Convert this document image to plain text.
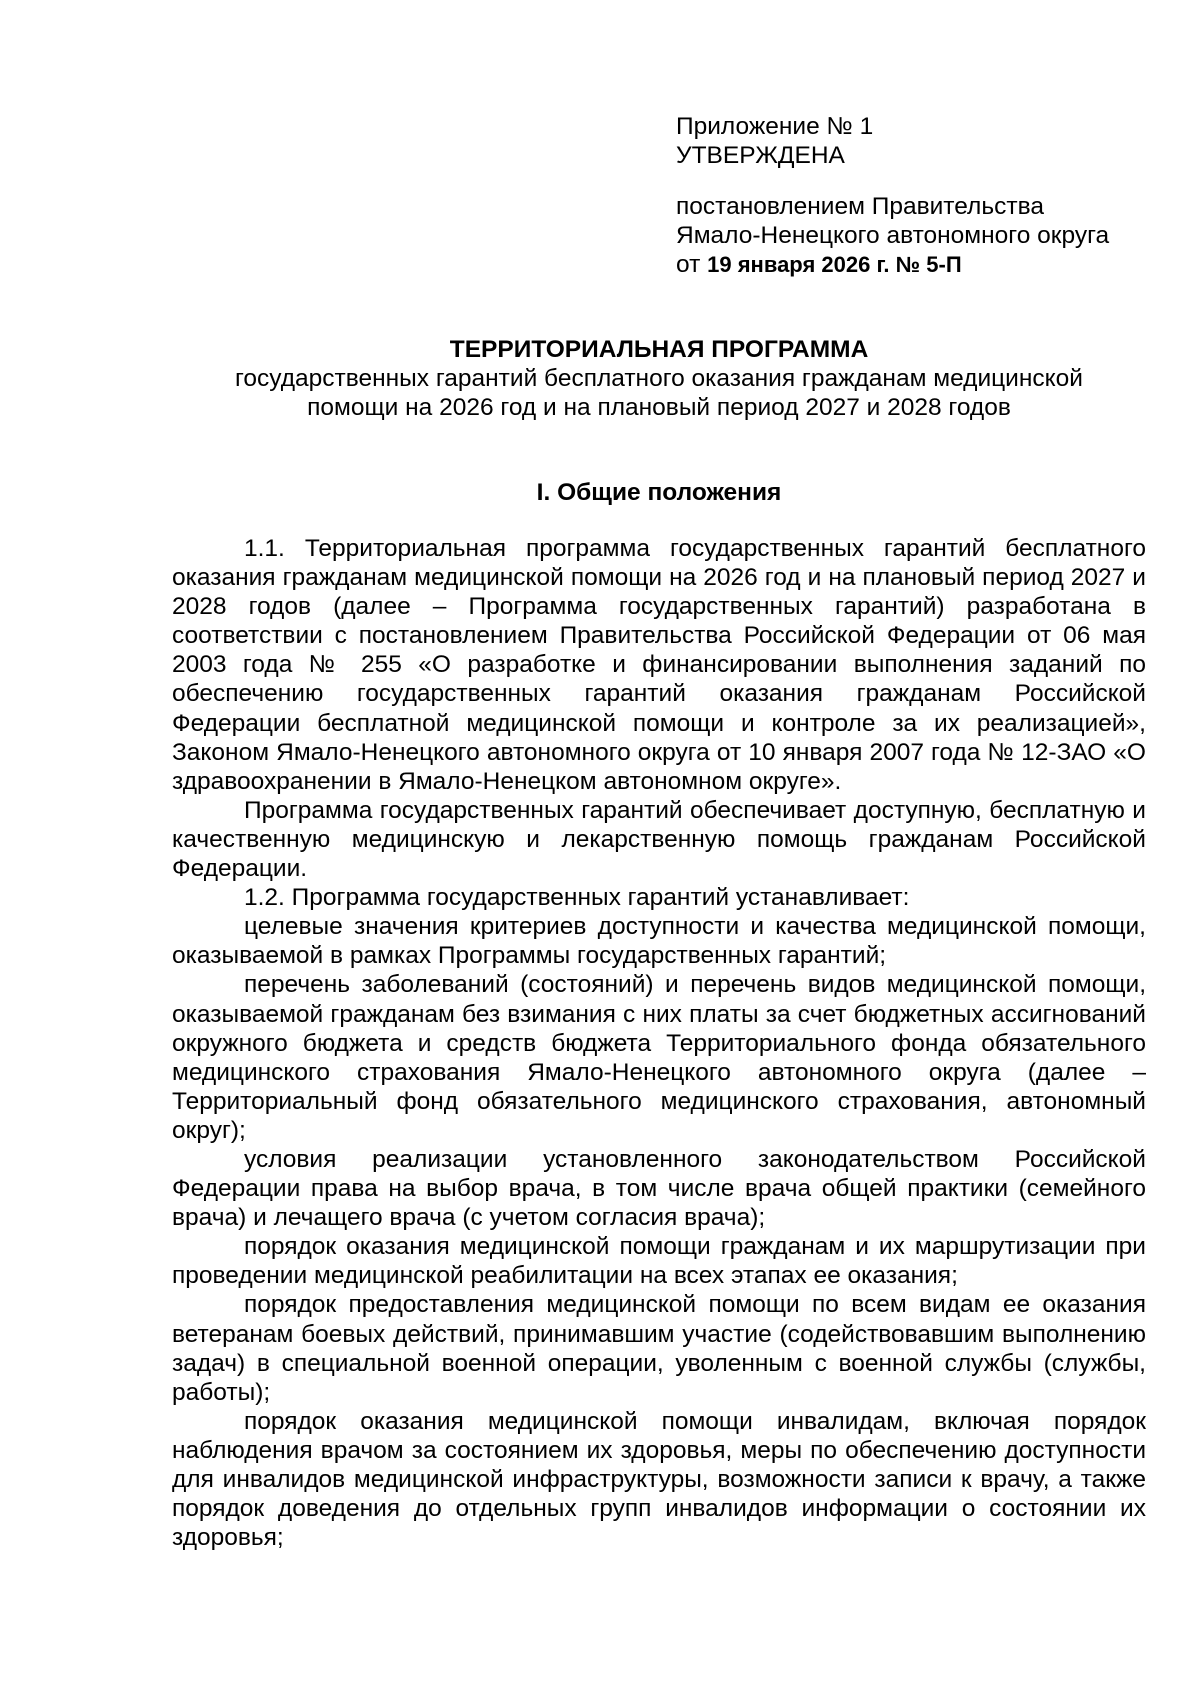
Приложение № 1
УТВЕРЖДЕНА
постановлением Правительства
Ямало-Ненецкого автономного округа
от 19 января 2026 г. № 5-П
ТЕРРИТОРИАЛЬНАЯ ПРОГРАММА
государственных гарантий бесплатного оказания гражданам медицинской
помощи на 2026 год и на плановый период 2027 и 2028 годов
I. Общие положения

1.1. Территориальная программа государственных гарантий бесплатного оказания гражданам медицинской помощи на 2026 год и на плановый период 2027 и 2028 годов (далее – Программа государственных гарантий) разработана в соответствии с постановлением Правительства Российской Федерации от 06 мая 2003 года № 255 «О разработке и финансировании выполнения заданий по обеспечению государственных гарантий оказания гражданам Российской Федерации бесплатной медицинской помощи и контроле за их реализацией», Законом Ямало-Ненецкого автономного округа от 10 января 2007 года № 12-ЗАО «О здравоохранении в Ямало-Ненецком автономном округе».

Программа государственных гарантий обеспечивает доступную, бесплатную и качественную медицинскую и лекарственную помощь гражданам Российской Федерации.

1.2. Программа государственных гарантий устанавливает:

целевые значения критериев доступности и качества медицинской помощи, оказываемой в рамках Программы государственных гарантий;

перечень заболеваний (состояний) и перечень видов медицинской помощи, оказываемой гражданам без взимания с них платы за счет бюджетных ассигнований окружного бюджета и средств бюджета Территориального фонда обязательного медицинского страхования Ямало-Ненецкого автономного округа (далее – Территориальный фонд обязательного медицинского страхования, автономный округ);

условия реализации установленного законодательством Российской Федерации права на выбор врача, в том числе врача общей практики (семейного врача) и лечащего врача (с учетом согласия врача);

порядок оказания медицинской помощи гражданам и их маршрутизации при проведении медицинской реабилитации на всех этапах ее оказания;

порядок предоставления медицинской помощи по всем видам ее оказания ветеранам боевых действий, принимавшим участие (содействовавшим выполнению задач) в специальной военной операции, уволенным с военной службы (службы, работы);

порядок оказания медицинской помощи инвалидам, включая порядок наблюдения врачом за состоянием их здоровья, меры по обеспечению доступности для инвалидов медицинской инфраструктуры, возможности записи к врачу, а также порядок доведения до отдельных групп инвалидов информации о состоянии их здоровья;
